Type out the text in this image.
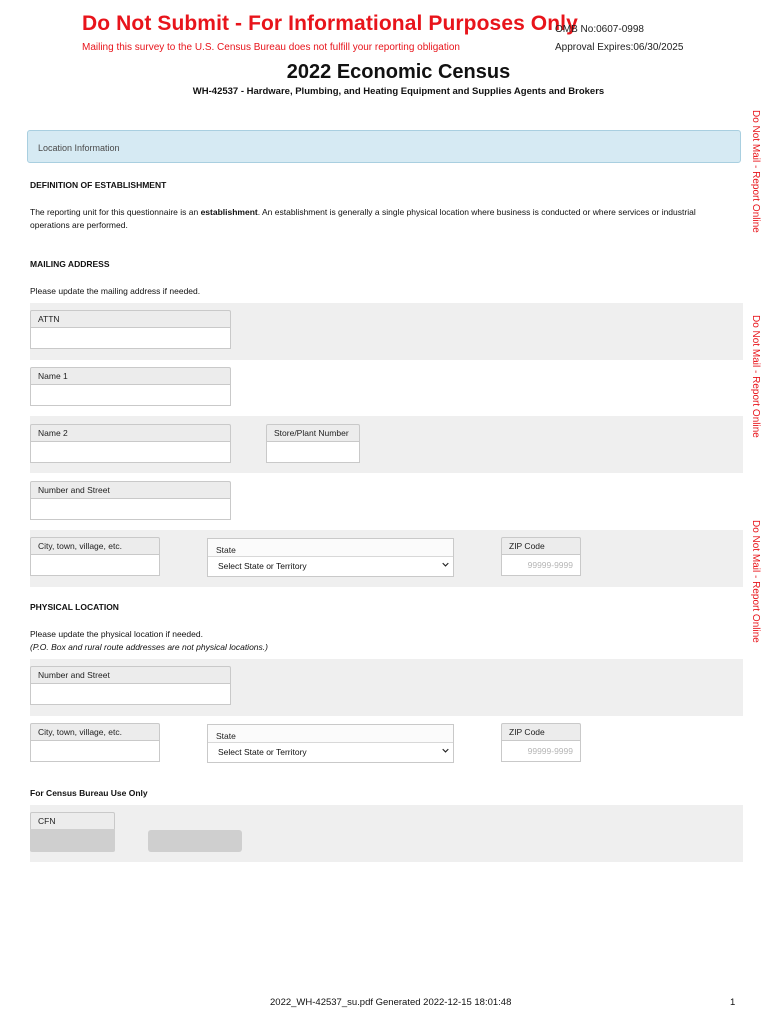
Do Not Submit - For Informational Purposes Only
Mailing this survey to the U.S. Census Bureau does not fulfill your reporting obligation
OMB No:0607-0998
Approval Expires:06/30/2025
2022 Economic Census
WH-42537 - Hardware, Plumbing, and Heating Equipment and Supplies Agents and Brokers
Do Not Mail - Report Online
Do Not Mail - Report Online
Do Not Mail - Report Online
Location Information
DEFINITION OF ESTABLISHMENT
The reporting unit for this questionnaire is an establishment. An establishment is generally a single physical location where business is conducted or where services or industrial operations are performed.
MAILING ADDRESS
Please update the mailing address if needed.
ATTN
Name 1
Name 2	Store/Plant Number
Number and Street
City, town, village, etc.	State
Select State or Territory
ZIP Code
99999-9999
PHYSICAL LOCATION
Please update the physical location if needed.
(P.O. Box and rural route addresses are not physical locations.)
Number and Street
City, town, village, etc.	State
Select State or Territory
ZIP Code
99999-9999
For Census Bureau Use Only
CFN
2022_WH-42537_su.pdf Generated 2022-12-15 18:01:48	1
